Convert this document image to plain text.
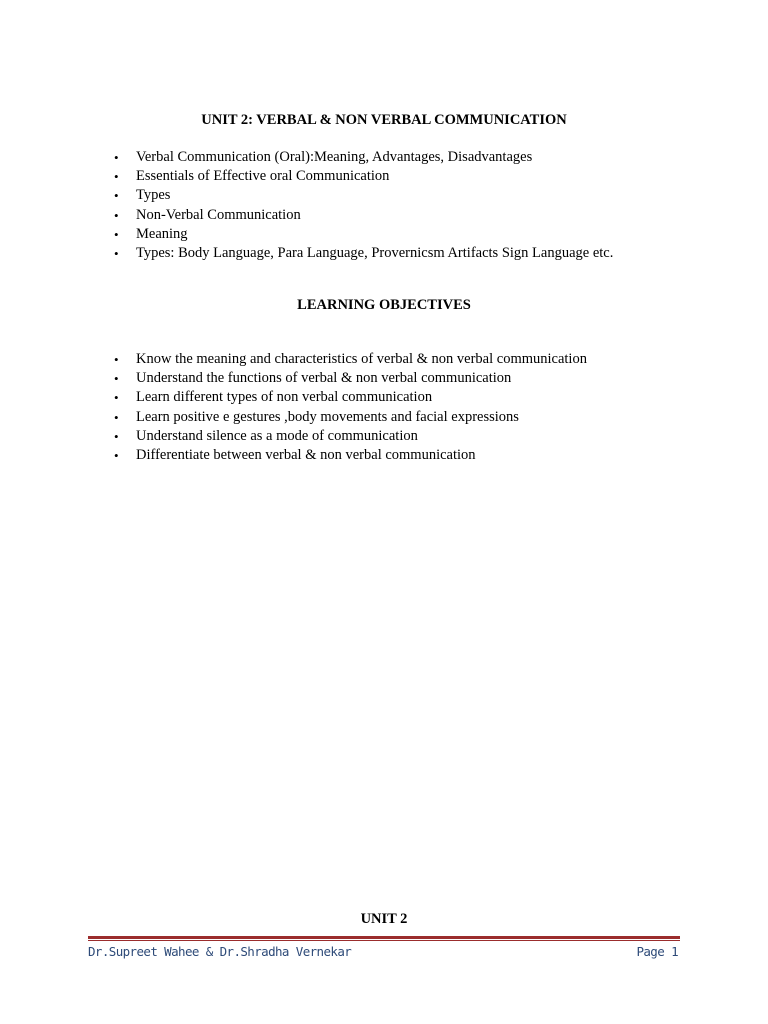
UNIT 2: VERBAL & NON VERBAL COMMUNICATION
• Verbal Communication (Oral):Meaning, Advantages, Disadvantages
• Essentials of Effective oral Communication
• Types
• Non-Verbal Communication
• Meaning
• Types: Body Language, Para Language, Provernicsm Artifacts Sign Language etc.
LEARNING OBJECTIVES
• Know the meaning and characteristics of verbal & non verbal communication
• Understand the functions of verbal & non verbal communication
• Learn different types of non verbal communication
• Learn positive e gestures ,body movements and facial expressions
• Understand silence as a mode of communication
• Differentiate between verbal & non verbal communication
UNIT 2
Dr.Supreet Wahee & Dr.Shradha Vernekar	Page 1
